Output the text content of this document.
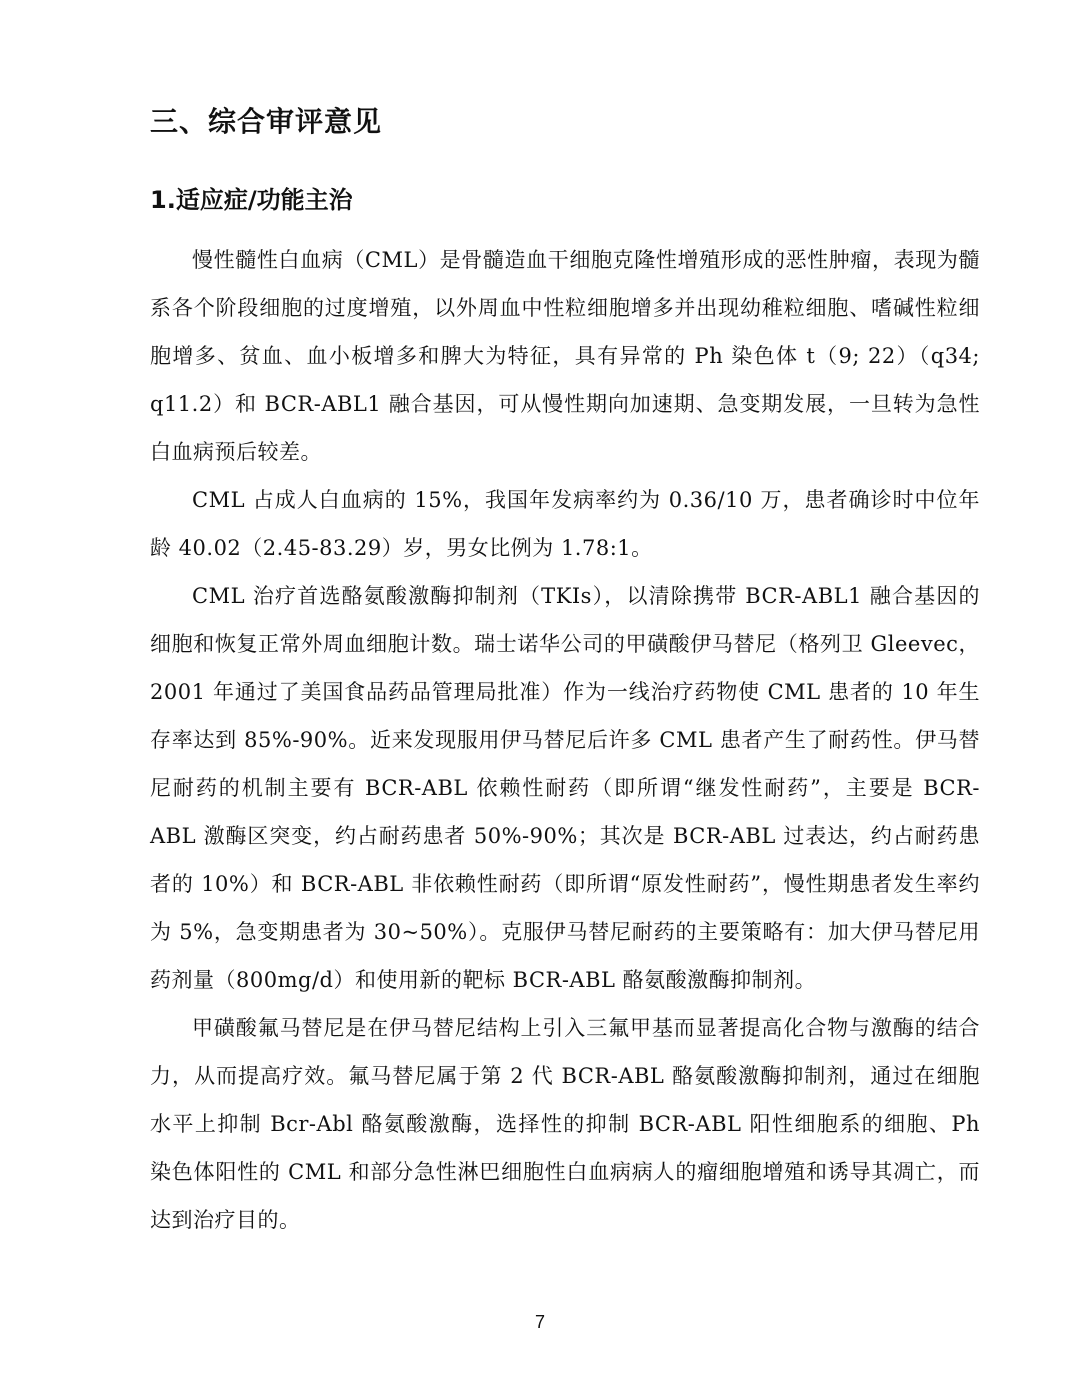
三、综合审评意见
1.适应症/功能主治

慢性髓性白血病（CML）是骨髓造血干细胞克隆性增殖形成的恶性肿瘤，表现为髓系各个阶段细胞的过度增殖，以外周血中性粒细胞增多并出现幼稚粒细胞、嗜碱性粒细胞增多、贫血、血小板增多和脾大为特征，具有异常的 Ph 染色体 t（9; 22）（q34; q11.2）和 BCR-ABL1 融合基因，可从慢性期向加速期、急变期发展，一旦转为急性白血病预后较差。

CML 占成人白血病的 15%，我国年发病率约为 0.36/10 万，患者确诊时中位年龄 40.02（2.45-83.29）岁，男女比例为 1.78:1。

CML 治疗首选酪氨酸激酶抑制剂（TKIs），以清除携带 BCR-ABL1 融合基因的细胞和恢复正常外周血细胞计数。瑞士诺华公司的甲磺酸伊马替尼（格列卫 Gleevec，2001 年通过了美国食品药品管理局批准）作为一线治疗药物使 CML 患者的 10 年生存率达到 85%-90%。近来发现服用伊马替尼后许多 CML 患者产生了耐药性。伊马替尼耐药的机制主要有 BCR-ABL 依赖性耐药（即所谓“继发性耐药”，主要是 BCR-ABL 激酶区突变，约占耐药患者 50%-90%；其次是 BCR-ABL 过表达，约占耐药患者的 10%）和 BCR-ABL 非依赖性耐药（即所谓“原发性耐药”，慢性期患者发生率约为 5%，急变期患者为 30~50%）。克服伊马替尼耐药的主要策略有：加大伊马替尼用药剂量（800mg/d）和使用新的靶标 BCR-ABL 酪氨酸激酶抑制剂。

甲磺酸氟马替尼是在伊马替尼结构上引入三氟甲基而显著提高化合物与激酶的结合力，从而提高疗效。氟马替尼属于第 2 代 BCR-ABL 酪氨酸激酶抑制剂，通过在细胞水平上抑制 Bcr-Abl 酪氨酸激酶，选择性的抑制 BCR-ABL 阳性细胞系的细胞、Ph 染色体阳性的 CML 和部分急性淋巴细胞性白血病病人的瘤细胞增殖和诱导其凋亡，而达到治疗目的。

7
